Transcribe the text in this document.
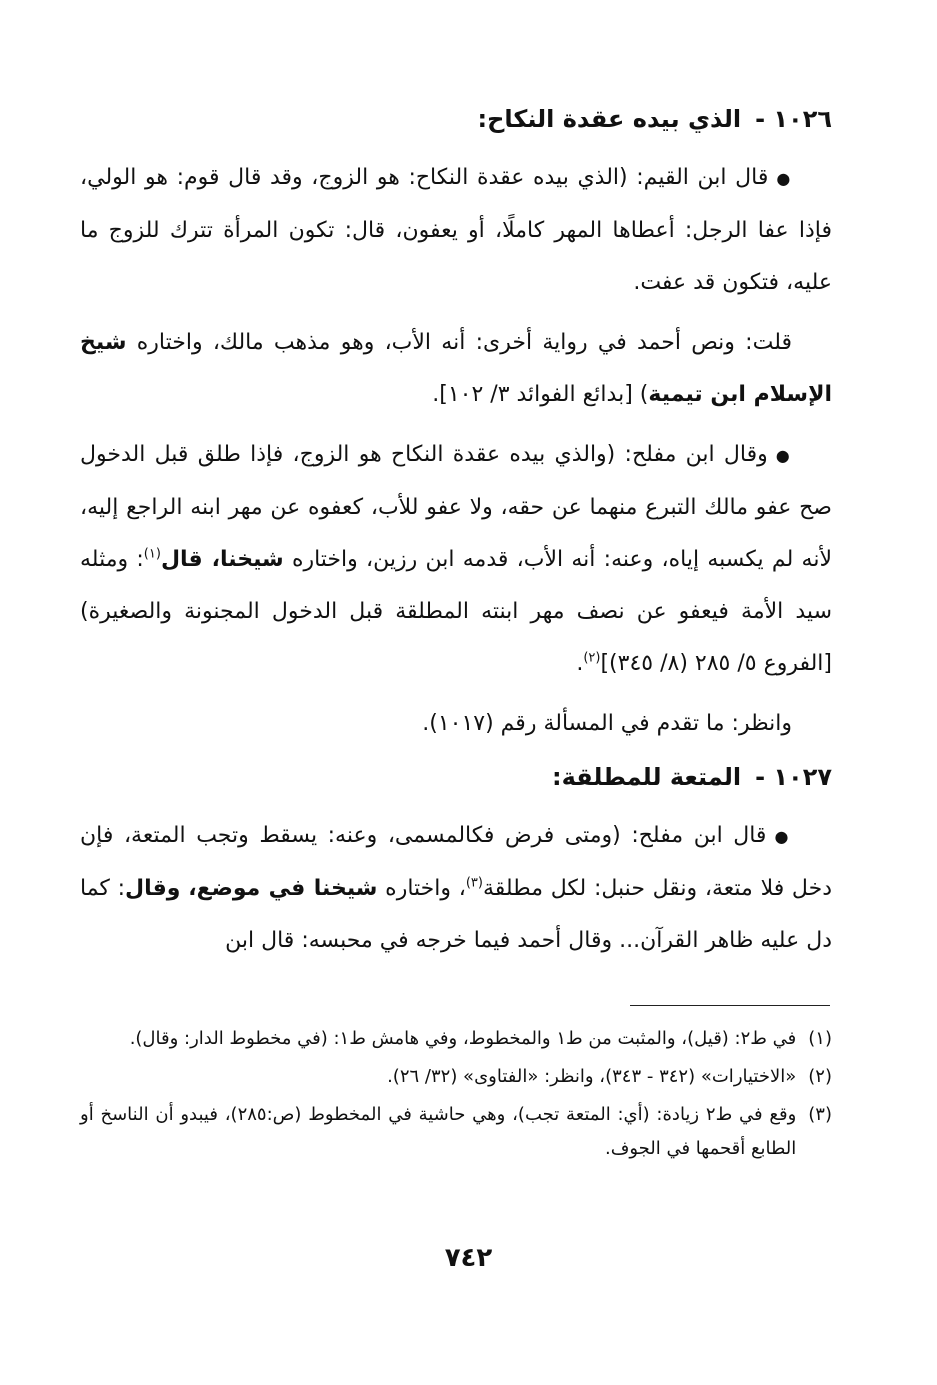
١٠٢٦ -الذي بيده عقدة النكاح:

●قال ابن القيم: (الذي بيده عقدة النكاح: هو الزوج، وقد قال قوم: هو الولي، فإذا عفا الرجل: أعطاها المهر كاملًا، أو يعفون، قال: تكون المرأة تترك للزوج ما عليه، فتكون قد عفت.

قلت: ونص أحمد في رواية أخرى: أنه الأب، وهو مذهب مالك، واختاره شيخ الإسلام ابن تيمية) [بدائع الفوائد ٣/ ١٠٢].

●وقال ابن مفلح: (والذي بيده عقدة النكاح هو الزوج، فإذا طلق قبل الدخول صح عفو مالك التبرع منهما عن حقه، ولا عفو للأب، كعفوه عن مهر ابنه الراجع إليه، لأنه لم يكسبه إياه، وعنه: أنه الأب، قدمه ابن رزين، واختاره شيخنا، قال$^{(١)}$: ومثله سيد الأمة فيعفو عن نصف مهر ابنته المطلقة قبل الدخول المجنونة والصغيرة) [الفروع ٥/ ٢٨٥ (٨/ ٣٤٥)]$^{(٢)}$.

وانظر: ما تقدم في المسألة رقم (١٠١٧).

١٠٢٧ -المتعة للمطلقة:

●قال ابن مفلح: (ومتى فرض فكالمسمى، وعنه: يسقط وتجب المتعة، فإن دخل فلا متعة، ونقل حنبل: لكل مطلقة$^{(٣)}$، واختاره شيخنا في موضع، وقال: كما دل عليه ظاهر القرآن... وقال أحمد فيما خرجه في محبسه: قال ابن

(١)
في ط٢: (قيل)، والمثبت من ط١ والمخطوط، وفي هامش ط١: (في مخطوط الدار: وقال).
(٢)
«الاختيارات» (٣٤٢ - ٣٤٣)، وانظر: «الفتاوى» (٣٢/ ٢٦).
(٣)
وقع في ط٢ زيادة: (أي: المتعة تجب)، وهي حاشية في المخطوط (ص:٢٨٥)، فيبدو أن الناسخ أو الطابع أقحمها في الجوف.
٧٤٢
